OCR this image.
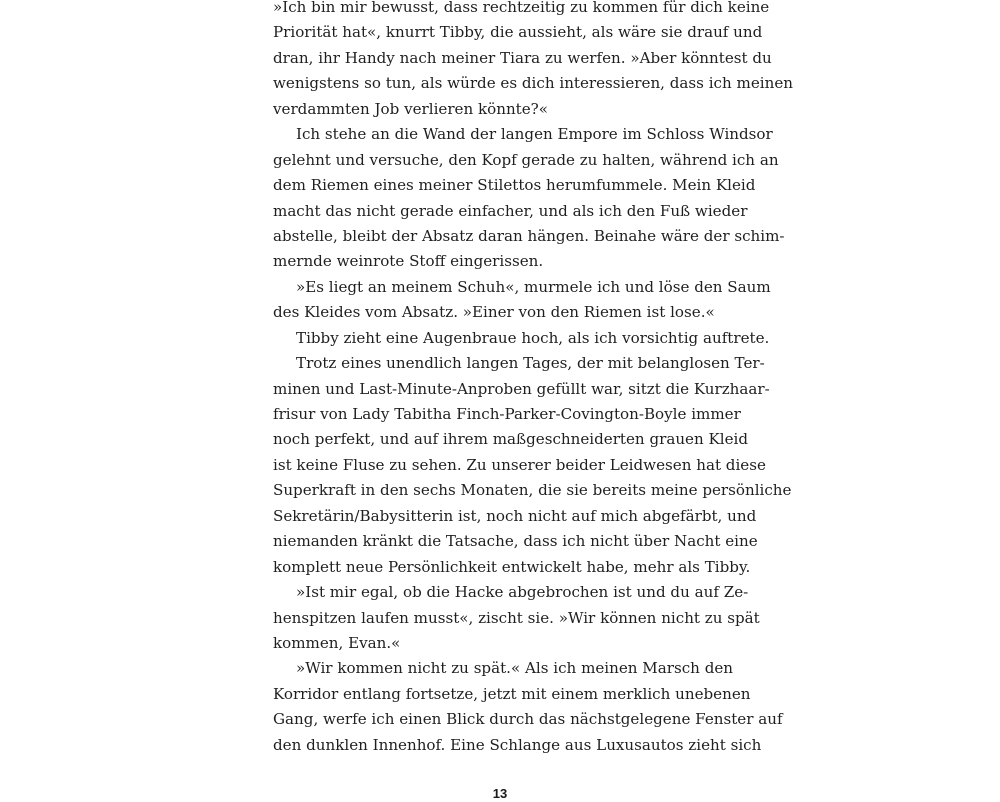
»Ich bin mir bewusst, dass rechtzeitig zu kommen für dich keine
Priorität hat«, knurrt Tibby, die aussieht, als wäre sie drauf und
dran, ihr Handy nach meiner Tiara zu werfen. »Aber könntest du
wenigstens so tun, als würde es dich interessieren, dass ich meinen
verdammten Job verlieren könnte?«
Ich stehe an die Wand der langen Empore im Schloss Windsor
gelehnt und versuche, den Kopf gerade zu halten, während ich an
dem Riemen eines meiner Stilettos herumfummele. Mein Kleid
macht das nicht gerade einfacher, und als ich den Fuß wieder
abstelle, bleibt der Absatz daran hängen. Beinahe wäre der schim-
mernde weinrote Stoff eingerissen.
»Es liegt an meinem Schuh«, murmele ich und löse den Saum
des Kleides vom Absatz. »Einer von den Riemen ist lose.«
Tibby zieht eine Augenbraue hoch, als ich vorsichtig auftrete.
Trotz eines unendlich langen Tages, der mit belanglosen Ter-
minen und Last-Minute-Anproben gefüllt war, sitzt die Kurzhaar-
frisur von Lady Tabitha Finch-Parker-Covington-Boyle immer
noch perfekt, und auf ihrem maßgeschneiderten grauen Kleid
ist keine Fluse zu sehen. Zu unserer beider Leidwesen hat diese
Superkraft in den sechs Monaten, die sie bereits meine persönliche
Sekretärin/Babysitterin ist, noch nicht auf mich abgefärbt, und
niemanden kränkt die Tatsache, dass ich nicht über Nacht eine
komplett neue Persönlichkeit entwickelt habe, mehr als Tibby.
»Ist mir egal, ob die Hacke abgebrochen ist und du auf Ze-
henspitzen laufen musst«, zischt sie. »Wir können nicht zu spät
kommen, Evan.«
»Wir kommen nicht zu spät.« Als ich meinen Marsch den
Korridor entlang fortsetze, jetzt mit einem merklich unebenen
Gang, werfe ich einen Blick durch das nächstgelegene Fenster auf
den dunklen Innenhof. Eine Schlange aus Luxusautos zieht sich
13
